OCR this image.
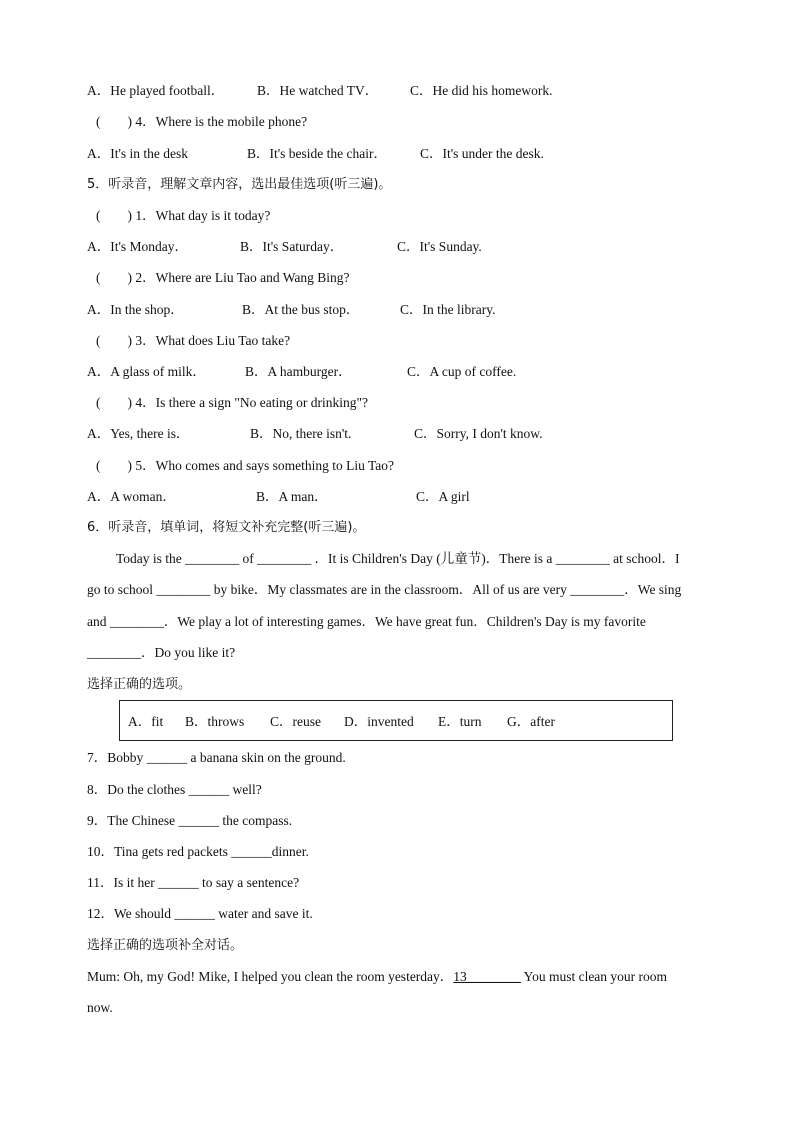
A．He played football． B．He watched TV． C．He did his homework.
(　　) 4．Where is the mobile phone?
A．It's in the desk	B．It's beside the chair． C．It's under the desk.
5．听录音，理解文章内容，选出最佳选项(听三遍)。
(　　) 1．What day is it today?
A．It's Monday．	B．It's Saturday．	C．It's Sunday.
(　　) 2．Where are Liu Tao and Wang Bing?
A．In the shop．	B．At the bus stop．	C．In the library.
(　　) 3．What does Liu Tao take?
A．A glass of milk．	B．A hamburger．	C．A cup of coffee.
(　　) 4．Is there a sign "No eating or drinking"?
A．Yes, there is．	B．No, there isn't.	C．Sorry, I don't know.
(　　) 5．Who comes and says something to Liu Tao?
A．A woman．	B．A man．	C．A girl
6．听录音，填单词，将短文补充完整(听三遍)。
Today is the ________ of ________ ．It is Children's Day (儿童节)．There is a ________ at school．I
go to school ________ by bike．My classmates are in the classroom．All of us are very ________．We sing
and ________．We play a lot of interesting games．We have great fun．Children's Day is my favorite
________．Do you like it?
选择正确的选项。
A．fit B．throws C．reuse D．invented E．turn G．after
7．Bobby ______ a banana skin on the ground.
8．Do the clothes ______ well?
9．The Chinese ______ the compass.
10．Tina gets red packets ______dinner.
11．Is it her ______ to say a sentence?
12．We should ______ water and save it.
选择正确的选项补全对话。
Mum: Oh, my God! Mike, I helped you clean the room yesterday．13________ You must clean your room
now.
